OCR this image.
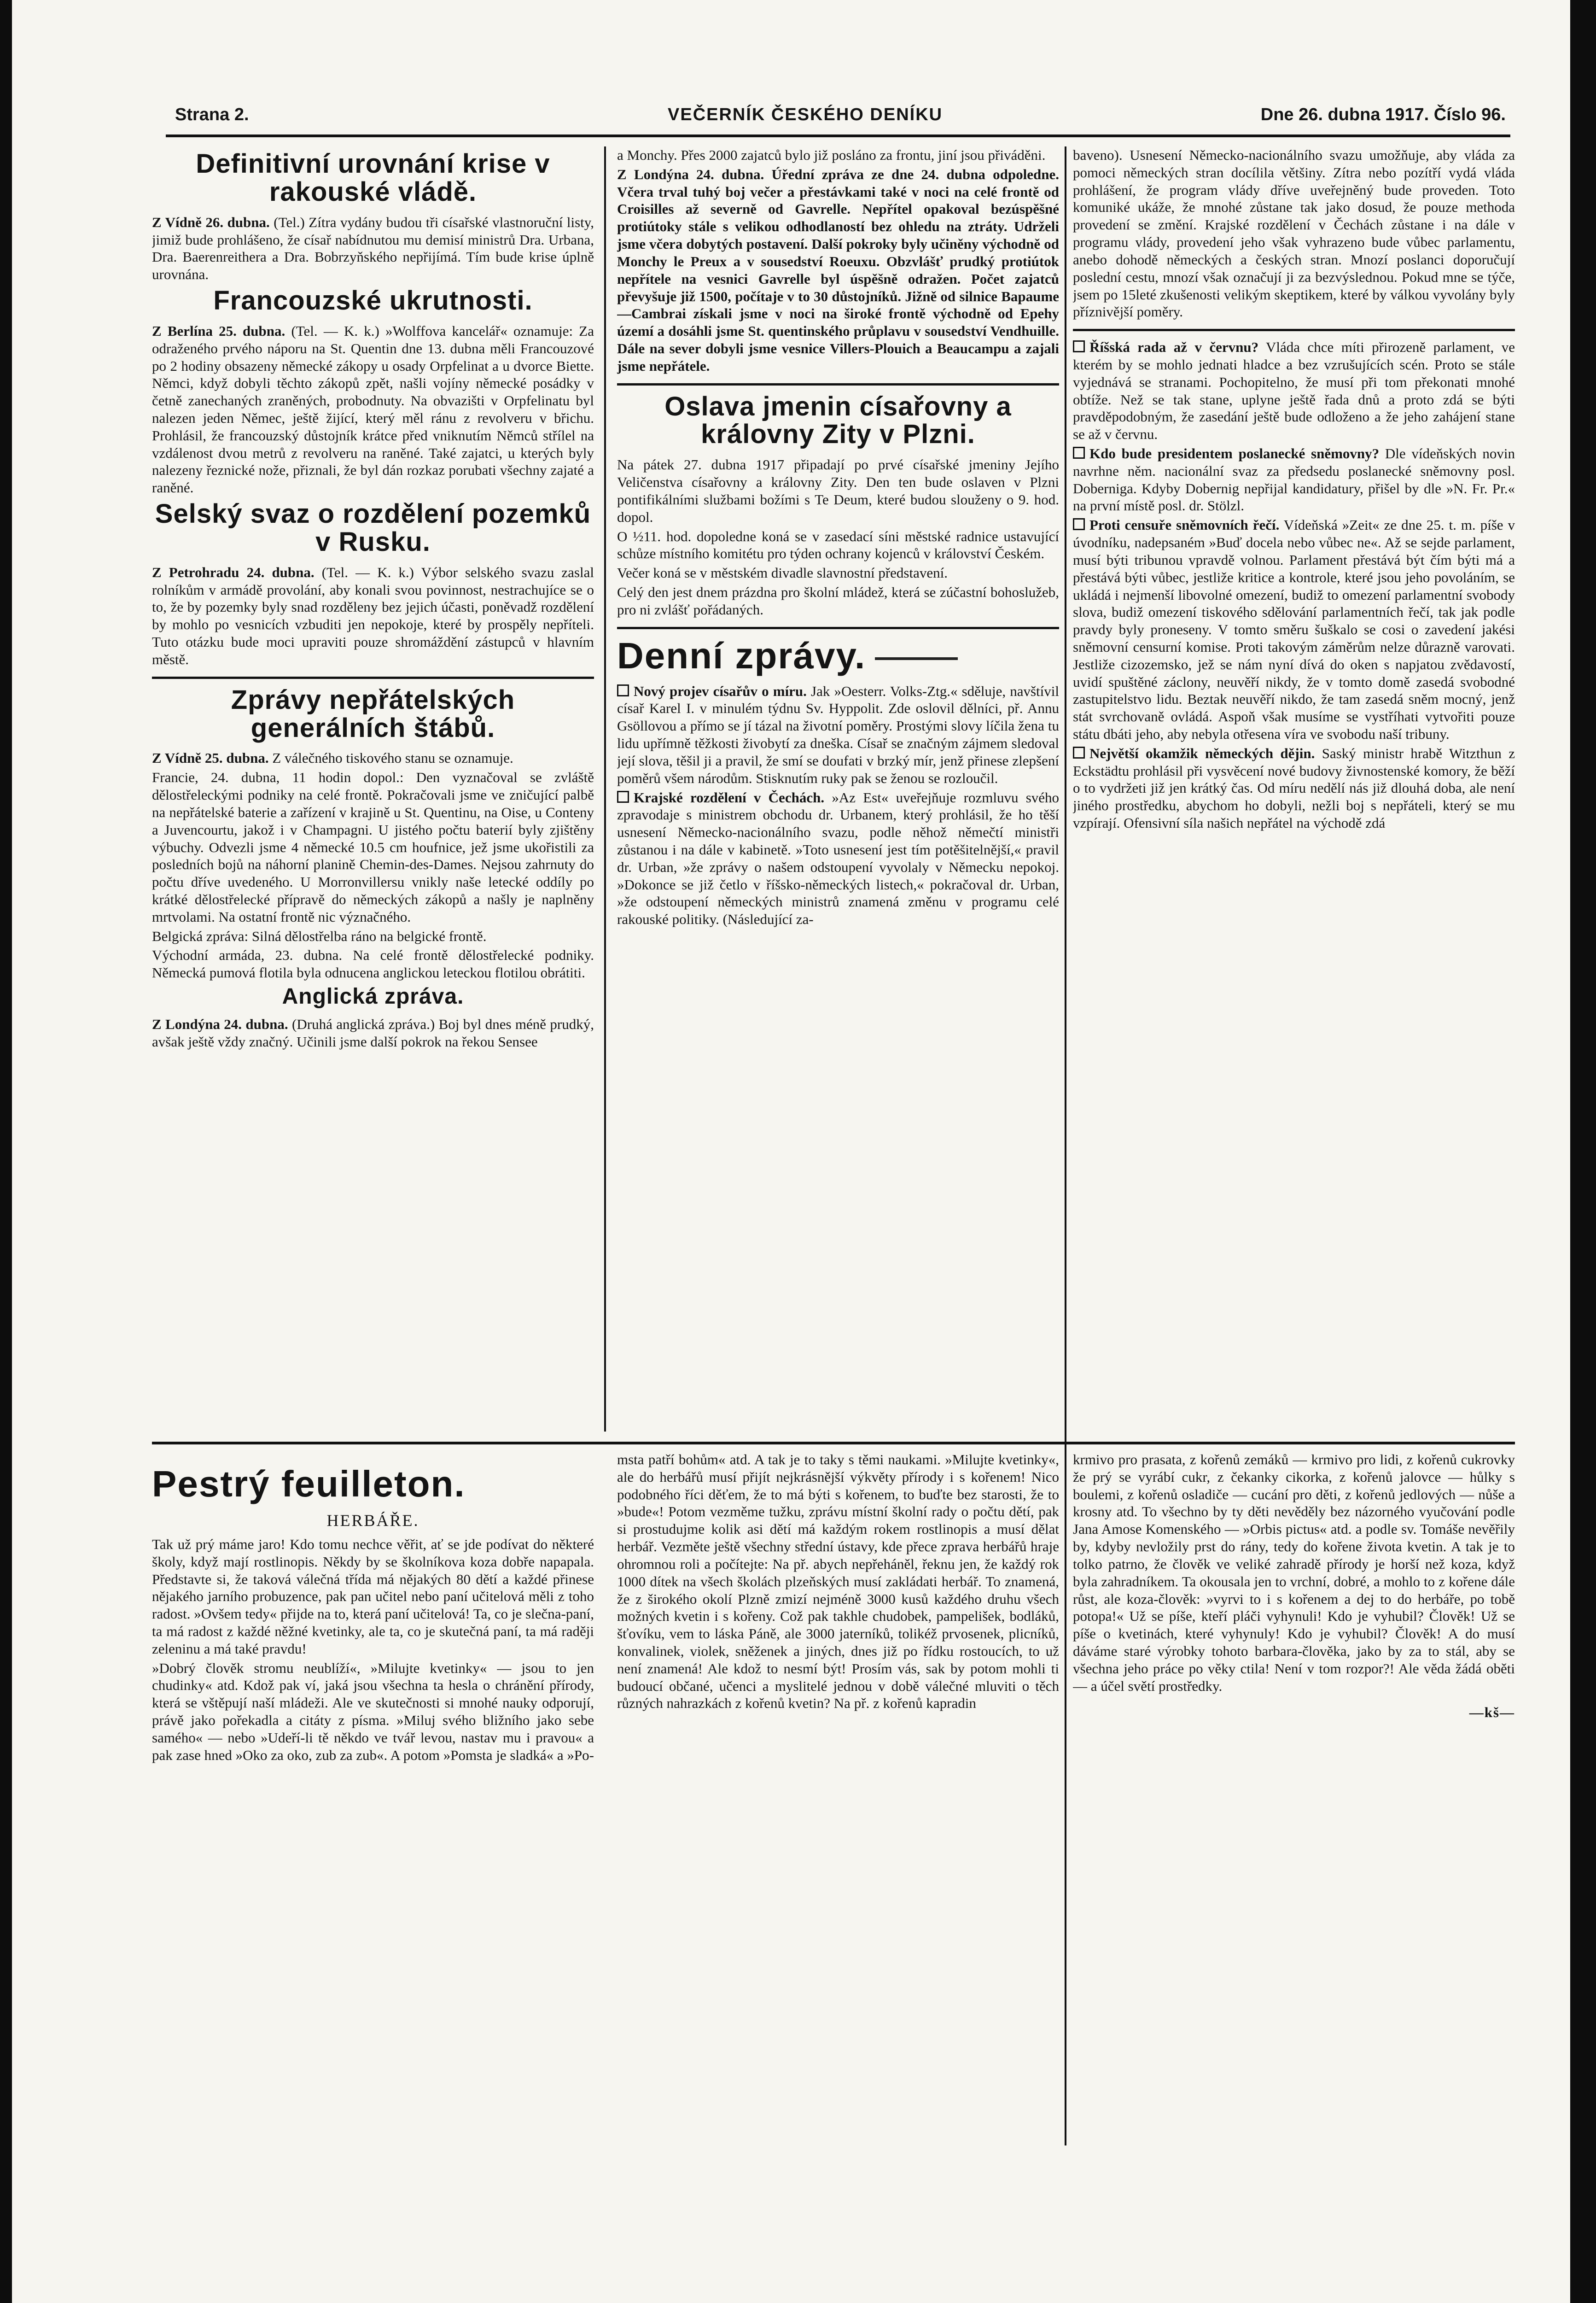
Strana 2.	VEČERNÍK ČESKÉHO DENÍKU	Dne 26. dubna 1917. Číslo 96.
Definitivní urovnání krise v rakouské vládě.

Z Vídně 26. dubna. (Tel.) Zítra vydány budou tři císařské vlastnoruční listy, jimiž bude prohlášeno, že císař nabídnutou mu demisí ministrů Dra. Urbana, Dra. Baerenreithera a Dra. Bobrzyňského nepřijímá. Tím bude krise úplně urovnána.

Francouzské ukrutnosti.

Z Berlína 25. dubna. (Tel. — K. k.) »Wolffova kancelář« oznamuje: Za odraženého prvého náporu na St. Quentin dne 13. dubna měli Francouzové po 2 hodiny obsazeny německé zákopy u osady Orpfelinat a u dvorce Biette. Němci, když dobyli těchto zákopů zpět, našli vojíny německé posádky v četně zanechaných zraněných, probodnuty. Na obvazišti v Orpfelinatu byl nalezen jeden Němec, ještě žijící, který měl ránu z revolveru v břichu. Prohlásil, že francouzský důstojník krátce před vniknutím Němců střílel na vzdálenost dvou metrů z revolveru na raněné. Také zajatci, u kterých byly nalezeny řeznické nože, přiznali, že byl dán rozkaz porubati všechny zajaté a raněné.

Selský svaz o rozdělení pozemků v Rusku.

Z Petrohradu 24. dubna. (Tel. — K. k.) Výbor selského svazu zaslal rolníkům v armádě provolání, aby konali svou povinnost, nestrachujíce se o to, že by pozemky byly snad rozděleny bez jejich účasti, poněvadž rozdělení by mohlo po vesnicích vzbuditi jen nepokoje, které by prospěly nepříteli. Tuto otázku bude moci upraviti pouze shromáždění zástupců v hlavním městě.

Zprávy nepřátelských generálních štábů.

Z Vídně 25. dubna. Z válečného tiskového stanu se oznamuje.

Francie, 24. dubna, 11 hodin dopol.: Den vyznačoval se zvláště dělostřeleckými podniky na celé frontě. Pokračovali jsme ve zničující palbě na nepřátelské baterie a zařízení v krajině u St. Quentinu, na Oise, u Conteny a Juvencourtu, jakož i v Champagni. U jistého počtu baterií byly zjištěny výbuchy. Odvezli jsme 4 německé 10.5 cm houfnice, jež jsme ukořistili za posledních bojů na náhorní planině Chemin-des-Dames. Nejsou zahrnuty do počtu dříve uvedeného. U Morronvillersu vnikly naše letecké oddíly po krátké dělostřelecké přípravě do německých zákopů a našly je naplněny mrtvolami. Na ostatní frontě nic význačného.

Belgická zpráva: Silná dělostřelba ráno na belgické frontě.

Východní armáda, 23. dubna. Na celé frontě dělostřelecké podniky. Německá pumová flotila byla odnucena anglickou leteckou flotilou obrátiti.

Anglická zpráva.

Z Londýna 24. dubna. (Druhá anglická zpráva.) Boj byl dnes méně prudký, avšak ještě vždy značný. Učinili jsme další pokrok na řekou Sensee

a Monchy. Přes 2000 zajatců bylo již posláno za frontu, jiní jsou přiváděni.

Z Londýna 24. dubna. Úřední zpráva ze dne 24. dubna odpoledne. Včera trval tuhý boj večer a přestávkami také v noci na celé frontě od Croisilles až severně od Gavrelle. Nepřítel opakoval bezúspěšné protiútoky stále s velikou odhodlaností bez ohledu na ztráty. Udrželi jsme včera dobytých postavení. Další pokroky byly učiněny východně od Monchy le Preux a v sousedství Roeuxu. Obzvlášť prudký protiútok nepřítele na vesnici Gavrelle byl úspěšně odražen. Počet zajatců převyšuje již 1500, počítaje v to 30 důstojníků. Jižně od silnice Bapaume—Cambrai získali jsme v noci na široké frontě východně od Epehy území a dosáhli jsme St. quentinského průplavu v sousedství Vendhuille. Dále na sever dobyli jsme vesnice Villers-Plouich a Beaucampu a zajali jsme nepřátele.

Oslava jmenin císařovny a královny Zity v Plzni.

Na pátek 27. dubna 1917 připadají po prvé císařské jmeniny Jejího Veličenstva císařovny a královny Zity. Den ten bude oslaven v Plzni pontifikálními službami božími s Te Deum, které budou slouženy o 9. hod. dopol.

O ½11. hod. dopoledne koná se v zasedací síni městské radnice ustavující schůze místního komitétu pro týden ochrany kojenců v království Českém.

Večer koná se v městském divadle slavnostní představení.

Celý den jest dnem prázdna pro školní mládež, která se zúčastní bohoslužeb, pro ni zvlášť pořádaných.

Denní zprávy.

Nový projev císařův o míru. Jak »Oesterr. Volks-Ztg.« sděluje, navštívil císař Karel I. v minulém týdnu Sv. Hyppolit. Zde oslovil dělníci, př. Annu Gsöllovou a přímo se jí tázal na životní poměry. Prostými slovy líčila žena tu lidu upřímně těžkosti živobytí za dneška. Císař se značným zájmem sledoval její slova, těšil ji a pravil, že smí se doufati v brzký mír, jenž přinese zlepšení poměrů všem národům. Stisknutím ruky pak se ženou se rozloučil.

Krajské rozdělení v Čechách. »Az Est« uveřejňuje rozmluvu svého zpravodaje s ministrem obchodu dr. Urbanem, který prohlásil, že ho těší usnesení Německo-nacionálního svazu, podle něhož němečtí ministři zůstanou i na dále v kabinetě. »Toto usnesení jest tím potěšitelnější,« pravil dr. Urban, »že zprávy o našem odstoupení vyvolaly v Německu nepokoj. »Dokonce se již četlo v říšsko-německých listech,« pokračoval dr. Urban, »že odstoupení německých ministrů znamená změnu v programu celé rakouské politiky. (Následující za-

baveno). Usnesení Německo-nacionálního svazu umožňuje, aby vláda za pomoci německých stran docílila většiny. Zítra nebo pozítří vydá vláda prohlášení, že program vlády dříve uveřejněný bude proveden. Toto komuniké ukáže, že mnohé zůstane tak jako dosud, že pouze methoda provedení se změní. Krajské rozdělení v Čechách zůstane i na dále v programu vlády, provedení jeho však vyhrazeno bude vůbec parlamentu, anebo dohodě německých a českých stran. Mnozí poslanci doporučují poslední cestu, mnozí však označují ji za bezvýslednou. Pokud mne se týče, jsem po 15leté zkušenosti velikým skeptikem, které by válkou vyvolány byly příznivější poměry.

Říšská rada až v červnu? Vláda chce míti přirozeně parlament, ve kterém by se mohlo jednati hladce a bez vzrušujících scén. Proto se stále vyjednává se stranami. Pochopitelno, že musí při tom překonati mnohé obtíže. Než se tak stane, uplyne ještě řada dnů a proto zdá se býti pravděpodobným, že zasedání ještě bude odloženo a že jeho zahájení stane se až v červnu.

Kdo bude presidentem poslanecké sněmovny? Dle vídeňských novin navrhne něm. nacionální svaz za předsedu poslanecké sněmovny posl. Doberniga. Kdyby Dobernig nepřijal kandidatury, přišel by dle »N. Fr. Pr.« na první místě posl. dr. Stölzl.

Proti censuře sněmovních řečí. Vídeňská »Zeit« ze dne 25. t. m. píše v úvodníku, nadepsaném »Buď docela nebo vůbec ne«. Až se sejde parlament, musí býti tribunou vpravdě volnou. Parlament přestává být čím býti má a přestává býti vůbec, jestliže kritice a kontrole, které jsou jeho povoláním, se ukládá i nejmenší libovolné omezení, budiž to omezení parlamentní svobody slova, budiž omezení tiskového sdělování parlamentních řečí, tak jak podle pravdy byly proneseny. V tomto směru šuškalo se cosi o zavedení jakési sněmovní censurní komise. Proti takovým záměrům nelze důrazně varovati. Jestliže cizozemsko, jež se nám nyní dívá do oken s napjatou zvědavostí, uvidí spuštěné záclony, neuvěří nikdy, že v tomto domě zasedá svobodné zastupitelstvo lidu. Beztak neuvěří nikdo, že tam zasedá sněm mocný, jenž stát svrchovaně ovládá. Aspoň však musíme se vystříhati vytvořiti pouze státu dbáti jeho, aby nebyla otřesena víra ve svobodu naší tribuny.

Největší okamžik německých dějin. Saský ministr hrabě Witzthun z Eckstädtu prohlásil při vysvěcení nové budovy živnostenské komory, že běží o to vydržeti již jen krátký čas. Od míru nedělí nás již dlouhá doba, ale není jiného prostředku, abychom ho dobyli, nežli boj s nepřáteli, který se mu vzpírají. Ofensivní síla našich nepřátel na východě zdá

Pestrý feuilleton.
HERBÁŘE.

Tak už prý máme jaro! Kdo tomu nechce věřit, ať se jde podívat do některé školy, když mají rostlinopis. Někdy by se školníkova koza dobře napapala. Představte si, že taková válečná třída má nějakých 80 dětí a každé přinese nějakého jarního probuzence, pak pan učitel nebo paní učitelová měli z toho radost. »Ovšem tedy« přijde na to, která paní učitelová! Ta, co je slečna-paní, ta má radost z každé něžné kvetinky, ale ta, co je skutečná paní, ta má raději zeleninu a má také pravdu!

»Dobrý člověk stromu neublíží«, »Milujte kvetinky« — jsou to jen chudinky« atd. Kdož pak ví, jaká jsou všechna ta hesla o chránění přírody, která se vštěpují naší mládeži. Ale ve skutečnosti si mnohé nauky odporují, právě jako pořekadla a citáty z písma. »Miluj svého bližního jako sebe samého« — nebo »Udeří-li tě někdo ve tvář levou, nastav mu i pravou« a pak zase hned »Oko za oko, zub za zub«. A potom »Pomsta je sladká« a »Po-

msta patří bohům« atd. A tak je to taky s těmi naukami. »Milujte kvetinky«, ale do herbářů musí přijít nejkrásnější výkvěty přírody i s kořenem! Nico podobného říci děťem, že to má býti s kořenem, to buďte bez starosti, že to »bude«! Potom vezměme tužku, zprávu místní školní rady o počtu dětí, pak si prostudujme kolik asi dětí má každým rokem rostlinopis a musí dělat herbář. Vezměte ještě všechny střední ústavy, kde přece zprava herbářů hraje ohromnou roli a počítejte: Na př. abych nepřeháněl, řeknu jen, že každý rok 1000 dítek na všech školách plzeňských musí zakládati herbář. To znamená, že z širokého okolí Plzně zmizí nejméně 3000 kusů každého druhu všech možných kvetin i s kořeny. Což pak takhle chudobek, pampelišek, bodláků, šťovíku, vem to láska Páně, ale 3000 jaterníků, tolikéž prvosenek, plicníků, konvalinek, violek, sněženek a jiných, dnes již po řídku rostoucích, to už není znamená! Ale kdož to nesmí být! Prosím vás, sak by potom mohli ti budoucí občané, učenci a myslitelé jednou v době válečné mluviti o těch různých nahrazkách z kořenů kvetin? Na př. z kořenů kapradin

krmivo pro prasata, z kořenů zemáků — krmivo pro lidi, z kořenů cukrovky že prý se vyrábí cukr, z čekanky cikorka, z kořenů jalovce — hůlky s boulemi, z kořenů osladiče — cucání pro děti, z kořenů jedlových — nůše a krosny atd. To všechno by ty děti nevěděly bez názorného vyučování podle Jana Amose Komenského — »Orbis pictus« atd. a podle sv. Tomáše nevěřily by, kdyby nevložily prst do rány, tedy do kořene života kvetin. A tak je to tolko patrno, že člověk ve veliké zahradě přírody je horší než koza, když byla zahradníkem. Ta okousala jen to vrchní, dobré, a mohlo to z kořene dále růst, ale koza-člověk: »vyrvi to i s kořenem a dej to do herbáře, po tobě potopa!« Už se píše, kteří pláči vyhynuli! Kdo je vyhubil? Člověk! Už se píše o kvetinách, které vyhynuly! Kdo je vyhubil? Člověk! A do musí dáváme staré výrobky tohoto barbara-člověka, jako by za to stál, aby se všechna jeho práce po věky ctila! Není v tom rozpor?! Ale věda žádá oběti — a účel světí prostředky.

—kš—
